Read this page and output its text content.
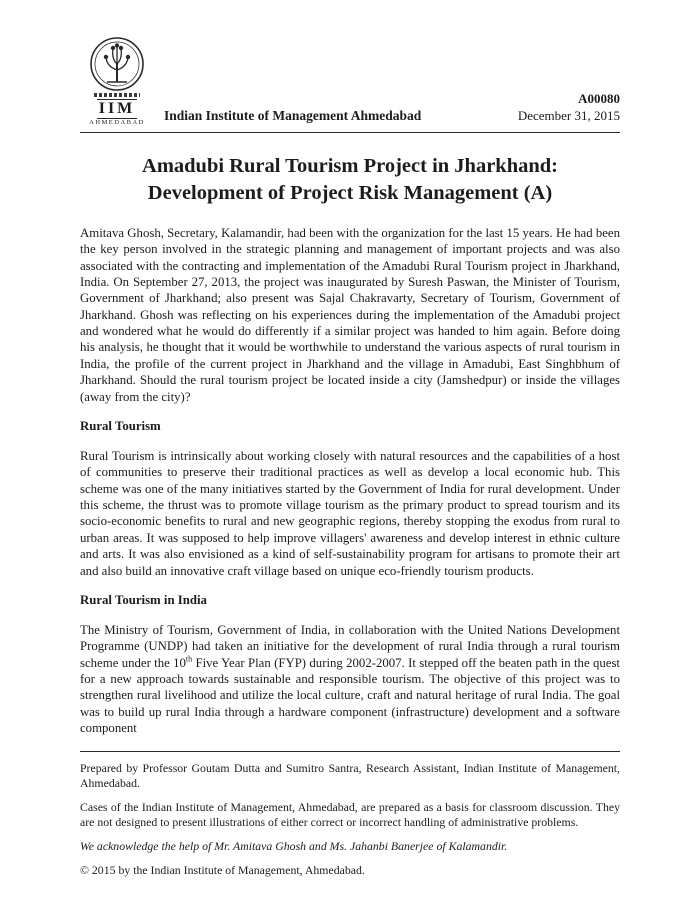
IIM
AHMEDABAD	Indian Institute of Management Ahmedabad
A00080
December 31, 2015
Amadubi Rural Tourism Project in Jharkhand:
Development of Project Risk Management (A)

Amitava Ghosh, Secretary, Kalamandir, had been with the organization for the last 15 years. He had been the key person involved in the strategic planning and management of important projects and was also associated with the contracting and implementation of the Amadubi Rural Tourism project in Jharkhand, India. On September 27, 2013, the project was inaugurated by Suresh Paswan, the Minister of Tourism, Government of Jharkhand; also present was Sajal Chakravarty, Secretary of Tourism, Government of Jharkhand. Ghosh was reflecting on his experiences during the implementation of the Amadubi project and wondered what he would do differently if a similar project was handed to him again. Before doing his analysis, he thought that it would be worthwhile to understand the various aspects of rural tourism in India, the profile of the current project in Jharkhand and the village in Amadubi, East Singhbhum of Jharkhand. Should the rural tourism project be located inside a city (Jamshedpur) or inside the villages (away from the city)?

Rural Tourism

Rural Tourism is intrinsically about working closely with natural resources and the capabilities of a host of communities to preserve their traditional practices as well as develop a local economic hub. This scheme was one of the many initiatives started by the Government of India for rural development. Under this scheme, the thrust was to promote village tourism as the primary product to spread tourism and its socio-economic benefits to rural and new geographic regions, thereby stopping the exodus from rural to urban areas. It was supposed to help improve villagers' awareness and develop interest in ethnic culture and arts. It was also envisioned as a kind of self-sustainability program for artisans to promote their art and also build an innovative craft village based on unique eco-friendly tourism products.

Rural Tourism in India

The Ministry of Tourism, Government of India, in collaboration with the United Nations Development Programme (UNDP) had taken an initiative for the development of rural India through a rural tourism scheme under the 10th Five Year Plan (FYP) during 2002-2007. It stepped off the beaten path in the quest for a new approach towards sustainable and responsible tourism. The objective of this project was to strengthen rural livelihood and utilize the local culture, craft and natural heritage of rural India. The goal was to build up rural India through a hardware component (infrastructure) development and a software component

Prepared by Professor Goutam Dutta and Sumitro Santra, Research Assistant, Indian Institute of Management, Ahmedabad.

Cases of the Indian Institute of Management, Ahmedabad, are prepared as a basis for classroom discussion. They are not designed to present illustrations of either correct or incorrect handling of administrative problems.

We acknowledge the help of Mr. Amitava Ghosh and Ms. Jahanbi Banerjee of Kalamandir.

© 2015 by the Indian Institute of Management, Ahmedabad.
